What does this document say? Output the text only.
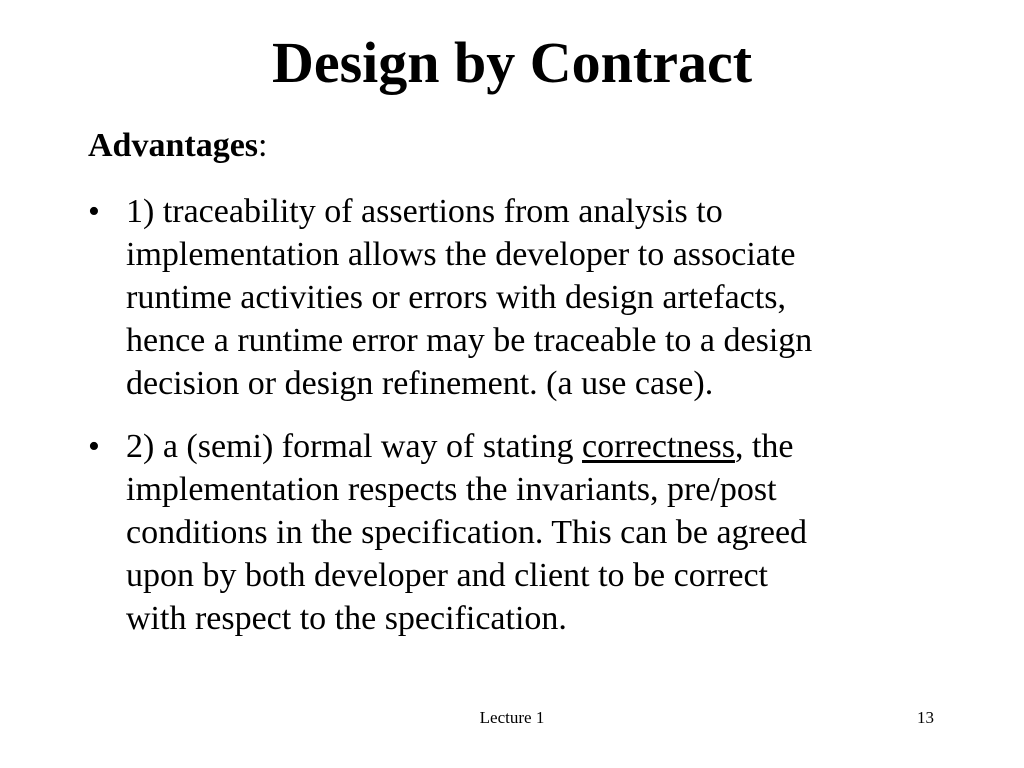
Design by Contract

Advantages:

• 1) traceability of assertions from analysis to
implementation allows the developer to associate
runtime activities or errors with design artefacts,
hence a runtime error may be traceable to a design
decision or design refinement. (a use case).
• 2) a (semi) formal way of stating correctness, the
implementation respects the invariants, pre/post
conditions in the specification. This can be agreed
upon by both developer and client to be correct
with respect to the specification.
Lecture 1	13
